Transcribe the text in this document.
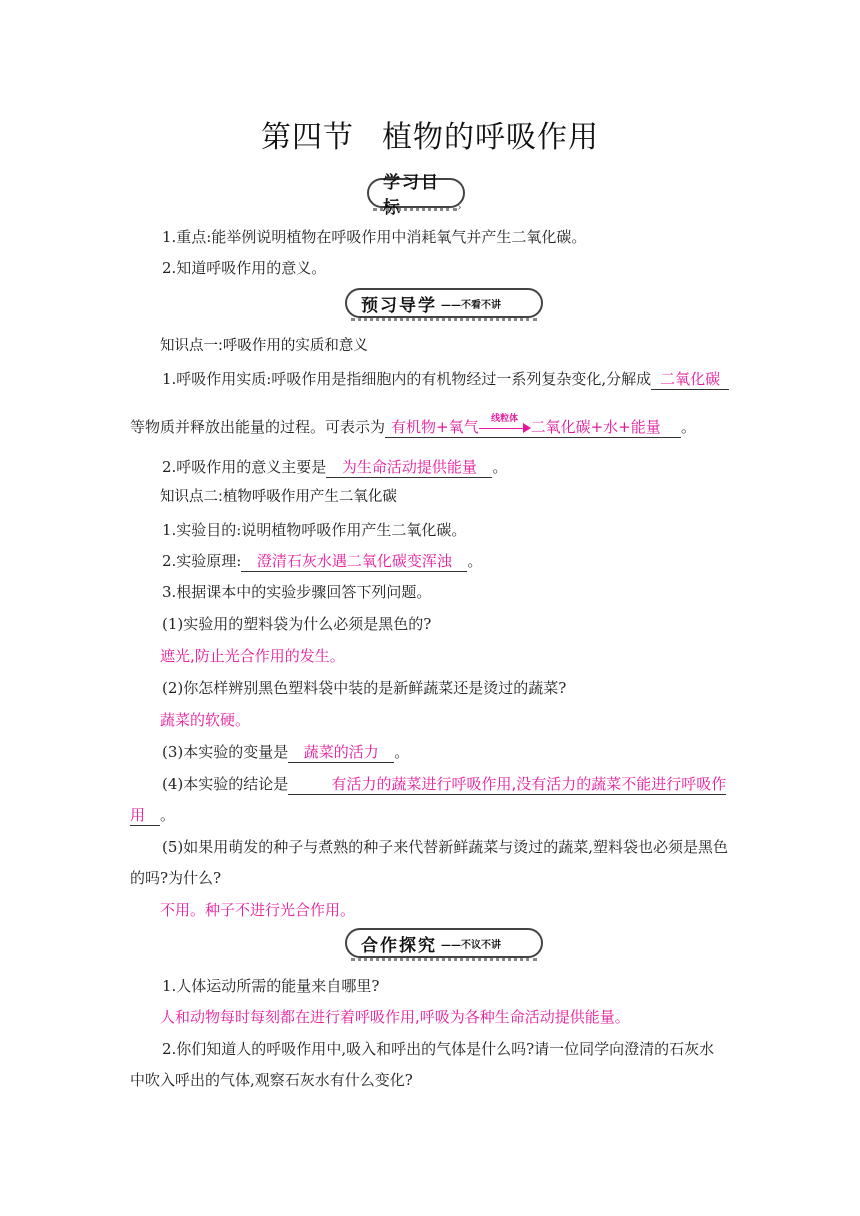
第四节 植物的呼吸作用
学习目标	›
1.重点:能举例说明植物在呼吸作用中消耗氧气并产生二氧化碳。
2.知道呼吸作用的意义。
预习导学 ——不看不讲
知识点一:呼吸作用的实质和意义
1.呼吸作用实质:呼吸作用是指细胞内的有机物经过一系列复杂变化,分解成 二氧化碳
等物质并释放出能量的过程。可表示为 有机物+氧气	线粒体 二氧化碳+水+能量 。
2.呼吸作用的意义主要是 为生命活动提供能量 。
知识点二:植物呼吸作用产生二氧化碳
1.实验目的:说明植物呼吸作用产生二氧化碳。
2.实验原理: 澄清石灰水遇二氧化碳变浑浊 。
3.根据课本中的实验步骤回答下列问题。
(1)实验用的塑料袋为什么必须是黑色的?
遮光,防止光合作用的发生。
(2)你怎样辨别黑色塑料袋中装的是新鲜蔬菜还是烫过的蔬菜?
蔬菜的软硬。
(3)本实验的变量是 蔬菜的活力 。
(4)本实验的结论是	有活力的蔬菜进行呼吸作用,没有活力的蔬菜不能进行呼吸作
用 。
(5)如果用萌发的种子与煮熟的种子来代替新鲜蔬菜与烫过的蔬菜,塑料袋也必须是黑色
的吗?为什么?
不用。种子不进行光合作用。
合作探究 ——不议不讲
1.人体运动所需的能量来自哪里?
人和动物每时每刻都在进行着呼吸作用,呼吸为各种生命活动提供能量。
2.你们知道人的呼吸作用中,吸入和呼出的气体是什么吗?请一位同学向澄清的石灰水
中吹入呼出的气体,观察石灰水有什么变化?
